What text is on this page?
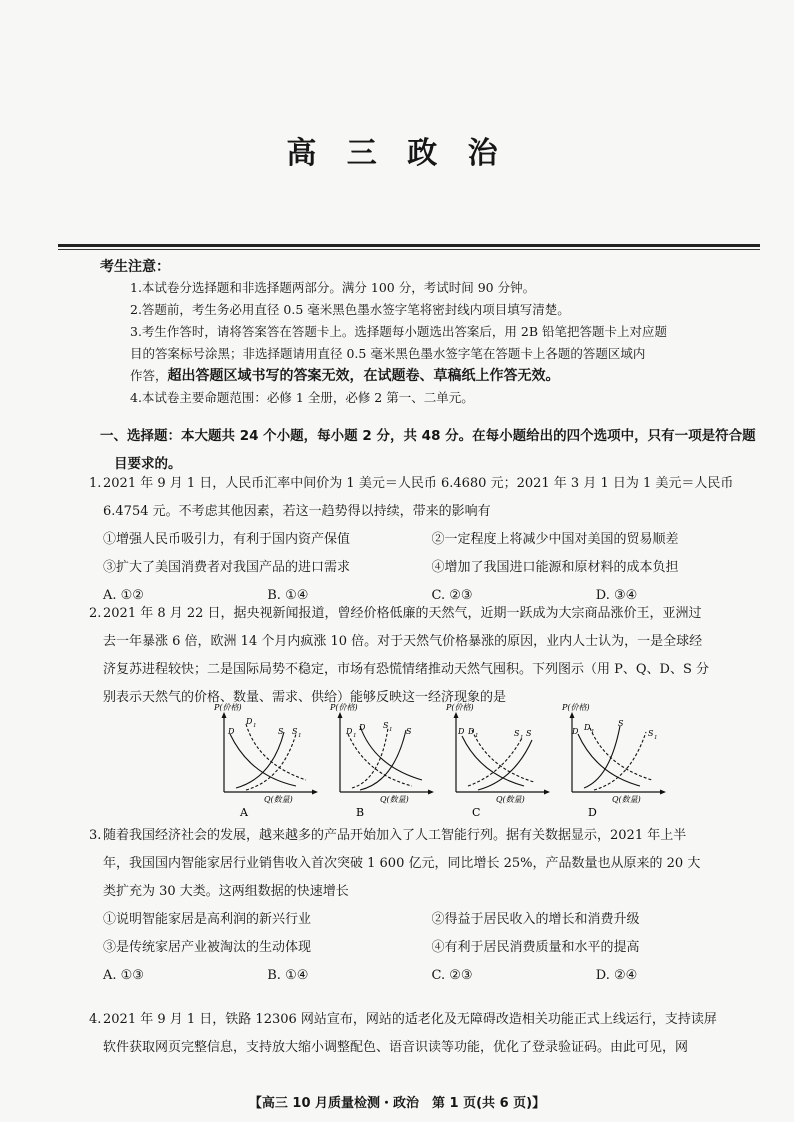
高 三 政 治
考生注意：
1.本试卷分选择题和非选择题两部分。满分 100 分，考试时间 90 分钟。
2.答题前，考生务必用直径 0.5 毫米黑色墨水签字笔将密封线内项目填写清楚。
3.考生作答时，请将答案答在答题卡上。选择题每小题选出答案后，用 2B 铅笔把答题卡上对应题
目的答案标号涂黑；非选择题请用直径 0.5 毫米黑色墨水签字笔在答题卡上各题的答题区域内
作答，超出答题区域书写的答案无效，在试题卷、草稿纸上作答无效。
4.本试卷主要命题范围：必修 1 全册，必修 2 第一、二单元。
一、选择题：本大题共 24 个小题，每小题 2 分，共 48 分。在每小题给出的四个选项中，只有一项是符合题
目要求的。
1. 2021 年 9 月 1 日，人民币汇率中间价为 1 美元＝人民币 6.4680 元；2021 年 3 月 1 日为 1 美元＝人民币
6.4754 元。不考虑其他因素，若这一趋势得以持续，带来的影响有
①增强人民币吸引力，有利于国内资产保值	②一定程度上将减少中国对美国的贸易顺差
③扩大了美国消费者对我国产品的进口需求	④增加了我国进口能源和原材料的成本负担
A. ①②	B. ①④	C. ②③	D. ③④
2. 2021 年 8 月 22 日，据央视新闻报道，曾经价格低廉的天然气，近期一跃成为大宗商品涨价王，亚洲过
去一年暴涨 6 倍，欧洲 14 个月内疯涨 10 倍。对于天然气价格暴涨的原因，业内人士认为，一是全球经
济复苏进程较快；二是国际局势不稳定，市场有恐慌情绪推动天然气囤积。下列图示（用 P、Q、D、S 分
别表示天然气的价格、数量、需求、供给）能够反映这一经济现象的是
P(价格)
D
D 1
S S 1
Q(数量)
A
P(价格)
D 1
D S 1 S
Q(数量)
B
P(价格)
D D 1	S 1 S
Q(数量)
C
P(价格)
D D 1
S
S 1
Q(数量)
D
3. 随着我国经济社会的发展，越来越多的产品开始加入了人工智能行列。据有关数据显示，2021 年上半
年，我国国内智能家居行业销售收入首次突破 1 600 亿元，同比增长 25%，产品数量也从原来的 20 大
类扩充为 30 大类。这两组数据的快速增长
①说明智能家居是高利润的新兴行业	②得益于居民收入的增长和消费升级
③是传统家居产业被淘汰的生动体现	④有利于居民消费质量和水平的提高
A. ①③	B. ①④	C. ②③	D. ②④
4. 2021 年 9 月 1 日，铁路 12306 网站宣布，网站的适老化及无障碍改造相关功能正式上线运行，支持读屏
软件获取网页完整信息，支持放大缩小调整配色、语音识读等功能，优化了登录验证码。由此可见，网
【高三 10 月质量检测・政治　第 1 页(共 6 页)】
